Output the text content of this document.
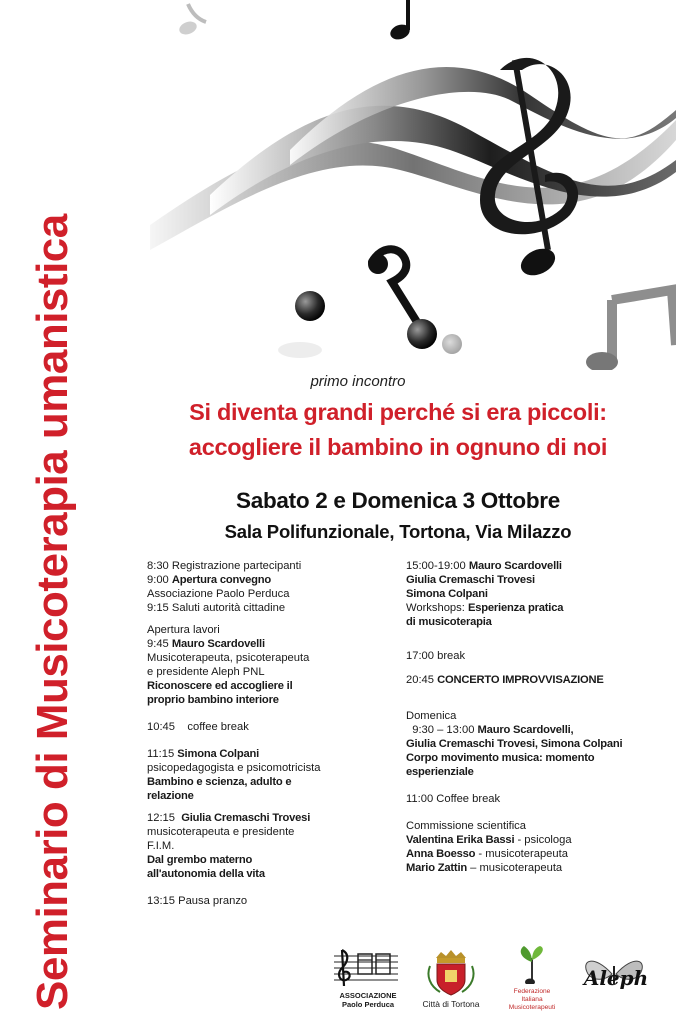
Seminario di Musicoterapia umanistica	primo incontro
Si diventa grandi perché si era piccoli:
accogliere il bambino in ognuno di noi
Sabato 2 e Domenica 3 Ottobre
Sala Polifunzionale, Tortona, Via Milazzo
8:30 Registrazione partecipanti
9:00 Apertura convegno
Associazione Paolo Perduca
9:15 Saluti autorità cittadine
Apertura lavori
9:45 Mauro Scardovelli
Musicoterapeuta, psicoterapeuta
e presidente Aleph PNL
Riconoscere ed accogliere il
proprio bambino interiore
10:45    coffee break
11:15 Simona Colpani
psicopedagogista e psicomotricista
Bambino e scienza, adulto e
relazione
12:15  Giulia Cremaschi Trovesi
musicoterapeuta e presidente
F.I.M.
Dal grembo materno
all'autonomia della vita
13:15 Pausa pranzo
15:00-19:00 Mauro Scardovelli
Giulia Cremaschi Trovesi
Simona Colpani
Workshops: Esperienza pratica
di musicoterapia
17:00 break
20:45 CONCERTO IMPROVVISAZIONE
Domenica
9:30 – 13:00 Mauro Scardovelli,
Giulia Cremaschi Trovesi, Simona Colpani
Corpo movimento musica: momento
esperienziale
11:00 Coffee break
Commissione scientifica
Valentina Erika Bassi - psicologa
Anna Boesso - musicoterapeuta
Mario Zattin – musicoterapeuta
ASSOCIAZIONE
Paolo Perduca	Città di Tortona
Federazione
Italiana
Musicoterapeuti
Aleph
